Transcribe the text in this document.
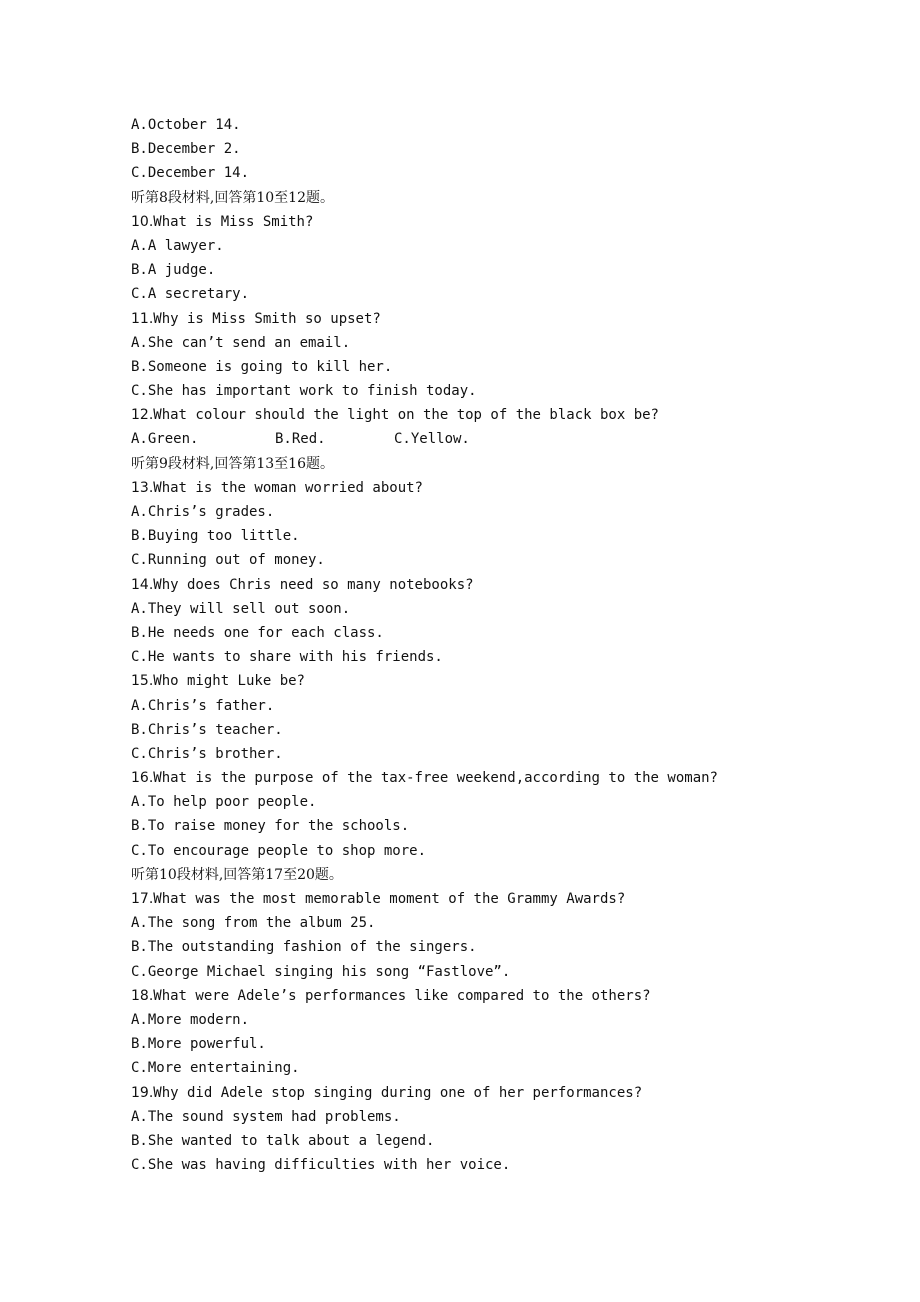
A.October 14.
B.December 2.
C.December 14.
听第8段材料,回答第10至12题。
10.What is Miss Smith?
A.A lawyer.
B.A judge.
C.A secretary.
11.Why is Miss Smith so upset?
A.She can’t send an email.
B.Someone is going to kill her.
C.She has important work to finish today.
12.What colour should the light on the top of the black box be?
A.Green.	B.Red.	C.Yellow.
听第9段材料,回答第13至16题。
13.What is the woman worried about?
A.Chris’s grades.
B.Buying too little.
C.Running out of money.
14.Why does Chris need so many notebooks?
A.They will sell out soon.
B.He needs one for each class.
C.He wants to share with his friends.
15.Who might Luke be?
A.Chris’s father.
B.Chris’s teacher.
C.Chris’s brother.
16.What is the purpose of the tax-free weekend,according to the woman?
A.To help poor people.
B.To raise money for the schools.
C.To encourage people to shop more.
听第10段材料,回答第17至20题。
17.What was the most memorable moment of the Grammy Awards?
A.The song from the album 25.
B.The outstanding fashion of the singers.
C.George Michael singing his song “Fastlove”.
18.What were Adele’s performances like compared to the others?
A.More modern.
B.More powerful.
C.More entertaining.
19.Why did Adele stop singing during one of her performances?
A.The sound system had problems.
B.She wanted to talk about a legend.
C.She was having difficulties with her voice.
